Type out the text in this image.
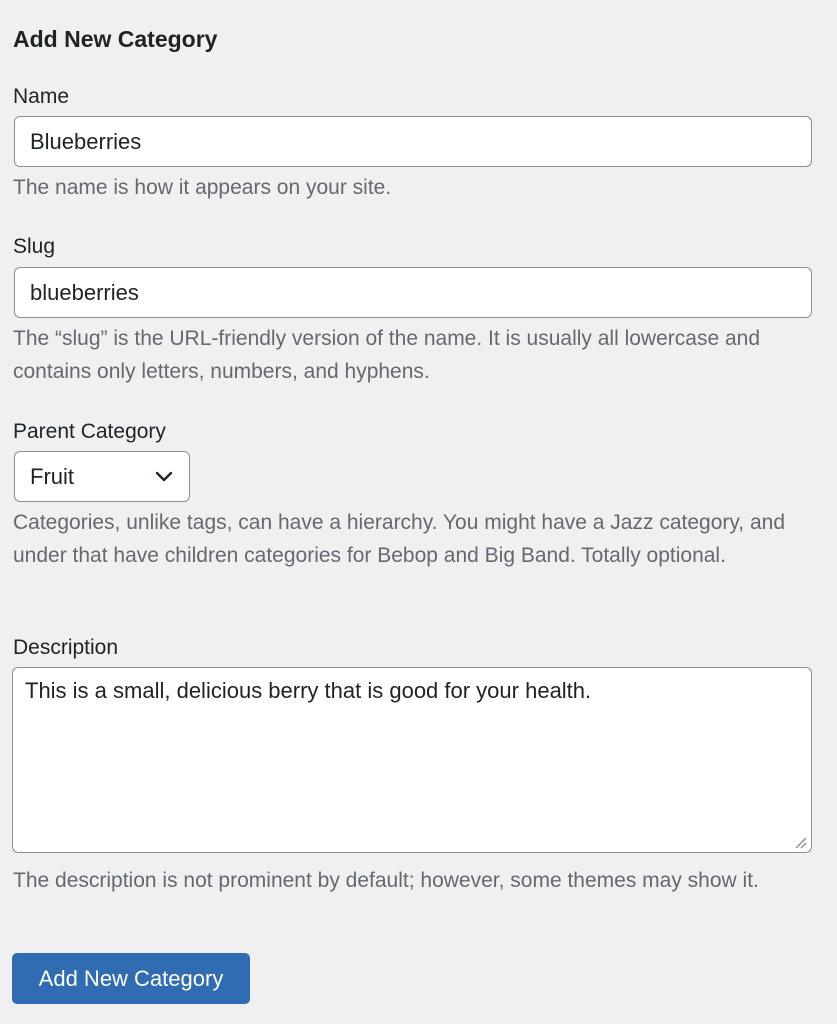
Add New Category
Name
Blueberries
The name is how it appears on your site.
Slug
blueberries
The “slug” is the URL-friendly version of the name. It is usually all lowercase and contains only letters, numbers, and hyphens.
Parent Category
Fruit
Categories, unlike tags, can have a hierarchy. You might have a Jazz category, and under that have children categories for Bebop and Big Band. Totally optional.
Description
This is a small, delicious berry that is good for your health.
The description is not prominent by default; however, some themes may show it.
Add New Category
